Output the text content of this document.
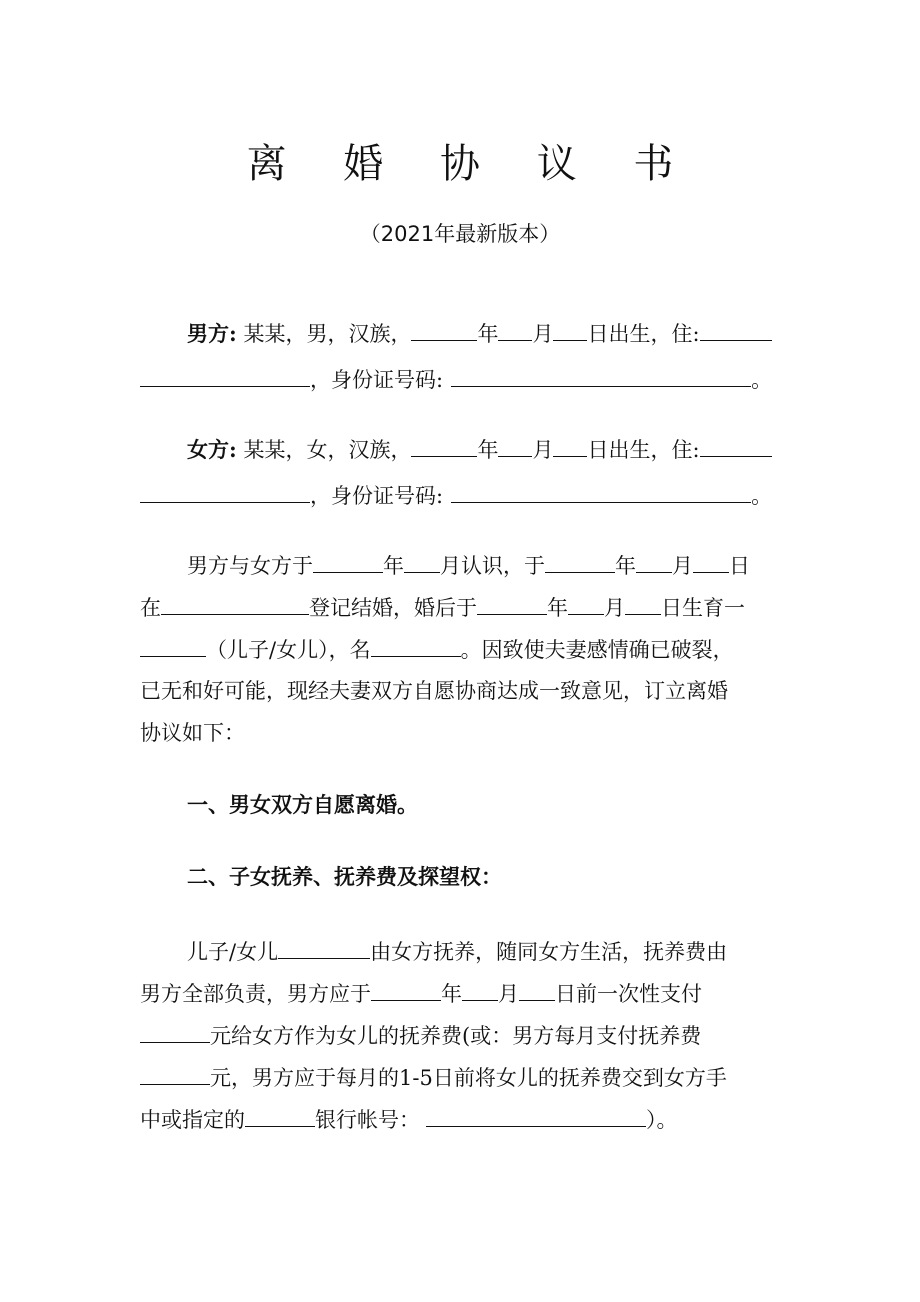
离 婚 协 议 书
（2021年最新版本）
男方: 某某，男，汉族，	年 月 日出生，住:
，身份证号码:	。
女方: 某某，女，汉族，	年 月 日出生，住:
，身份证号码:	。
男方与女方于	年 月认识，于	年 月 日
在	登记结婚，婚后于	年 月 日生育一
（儿子/女儿），名	。因致使夫妻感情确已破裂，
已无和好可能，现经夫妻双方自愿协商达成一致意见，订立离婚
协议如下：
一、男女双方自愿离婚。
二、子女抚养、抚养费及探望权：
儿子/女儿	由女方抚养，随同女方生活，抚养费由
男方全部负责，男方应于	年 月 日前一次性支付
元给女方作为女儿的抚养费(或：男方每月支付抚养费
元，男方应于每月的1-5日前将女儿的抚养费交到女方手
中或指定的	银行帐号：	）。
